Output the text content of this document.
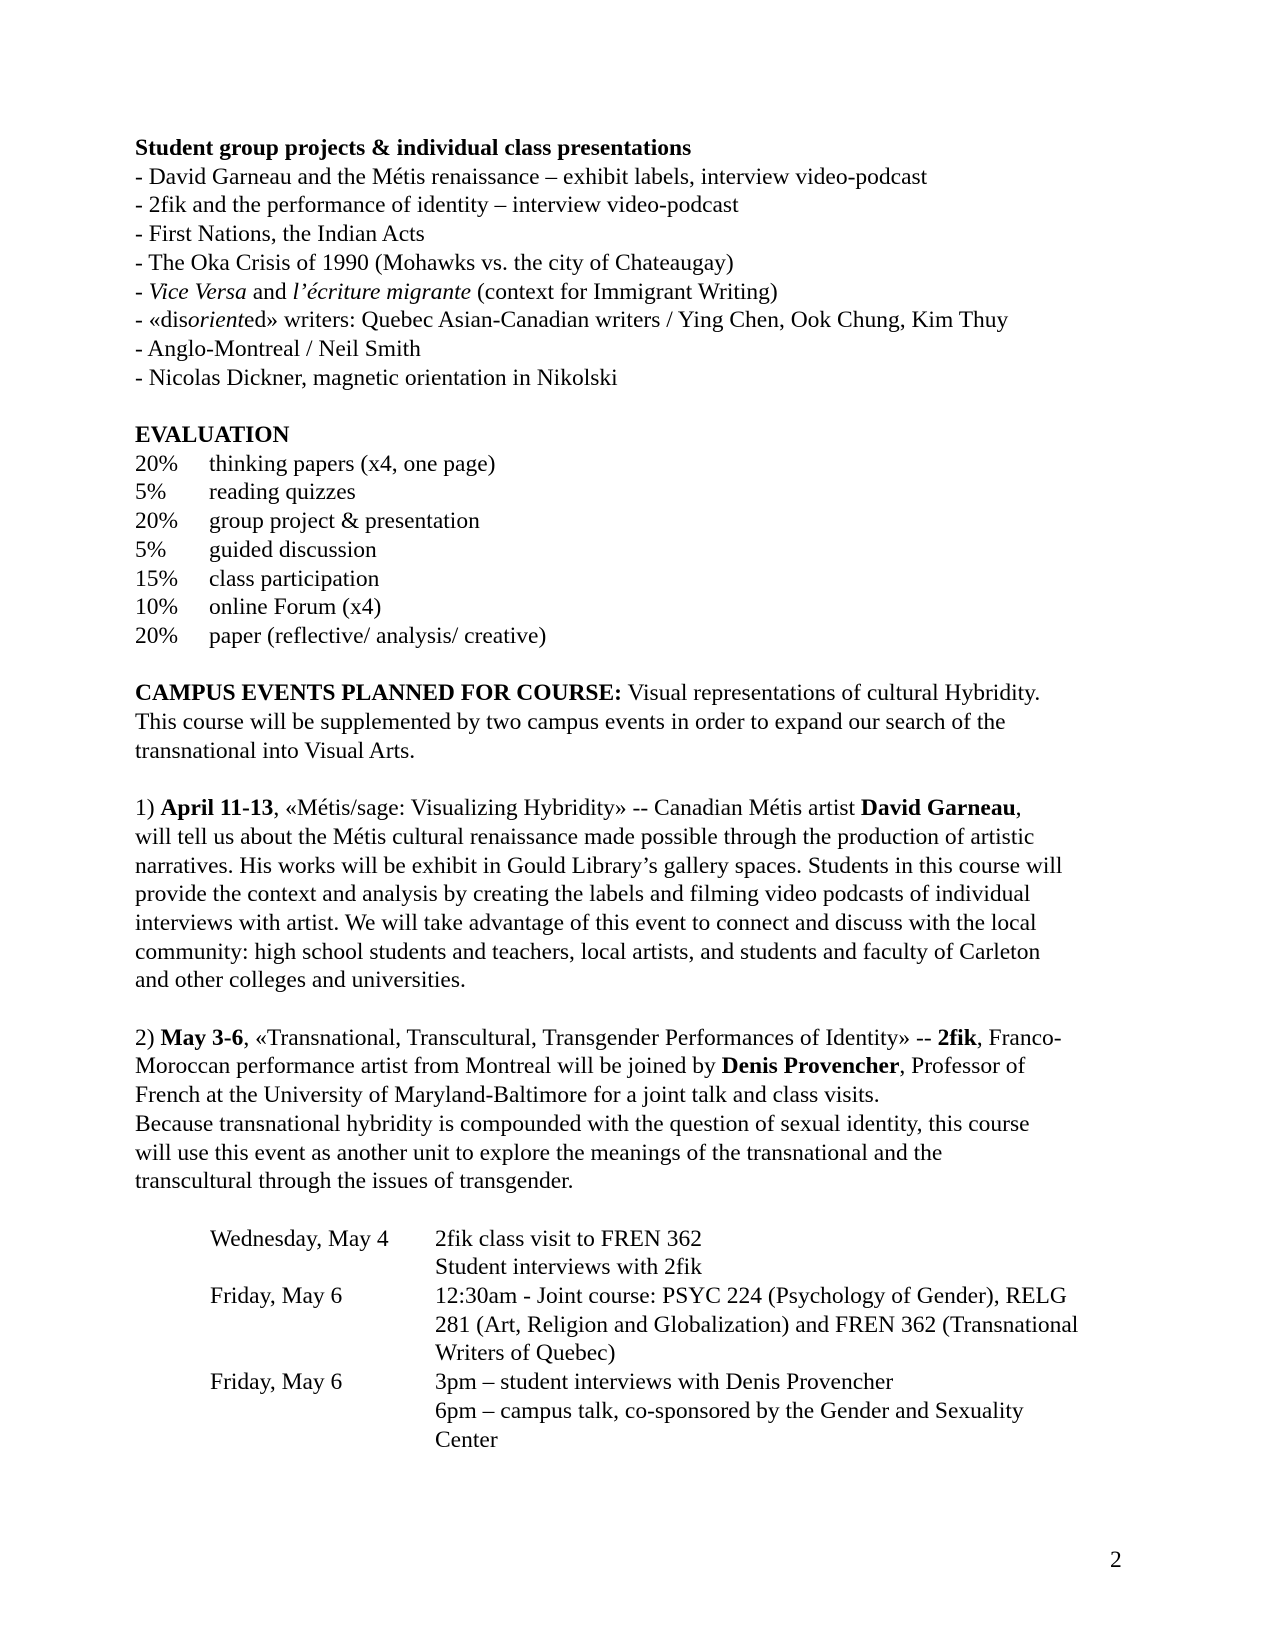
Student group projects & individual class presentations
- David Garneau and the Métis renaissance – exhibit labels, interview video-podcast
- 2fik and the performance of identity – interview video-podcast
- First Nations, the Indian Acts
- The Oka Crisis of 1990 (Mohawks vs. the city of Chateaugay)
- Vice Versa and l’écriture migrante (context for Immigrant Writing)
- «disoriented» writers: Quebec Asian-Canadian writers / Ying Chen, Ook Chung, Kim Thuy
- Anglo-Montreal / Neil Smith
- Nicolas Dickner, magnetic orientation in Nikolski
EVALUATION
20%	thinking papers (x4, one page)
5%	reading quizzes
20%	group project & presentation
5%	guided discussion
15%	class participation
10%	online Forum (x4)
20%	paper (reflective/ analysis/ creative)
CAMPUS EVENTS PLANNED FOR COURSE: Visual representations of cultural Hybridity.
This course will be supplemented by two campus events in order to expand our search of the
transnational into Visual Arts.
1) April 11-13, «Métis/sage: Visualizing Hybridity» -- Canadian Métis artist David Garneau,
will tell us about the Métis cultural renaissance made possible through the production of artistic
narratives. His works will be exhibit in Gould Library’s gallery spaces. Students in this course will
provide the context and analysis by creating the labels and filming video podcasts of individual
interviews with artist. We will take advantage of this event to connect and discuss with the local
community: high school students and teachers, local artists, and students and faculty of Carleton
and other colleges and universities.
2) May 3-6, «Transnational, Transcultural, Transgender Performances of Identity» -- 2fik, Franco-
Moroccan performance artist from Montreal will be joined by Denis Provencher, Professor of
French at the University of Maryland-Baltimore for a joint talk and class visits.
Because transnational hybridity is compounded with the question of sexual identity, this course
will use this event as another unit to explore the meanings of the transnational and the
transcultural through the issues of transgender.
Wednesday, May 4	2fik class visit to FREN 362
Student interviews with 2fik
Friday, May 6	12:30am - Joint course: PSYC 224 (Psychology of Gender), RELG
281 (Art, Religion and Globalization) and FREN 362 (Transnational
Writers of Quebec)
Friday, May 6	3pm – student interviews with Denis Provencher
6pm – campus talk, co-sponsored by the Gender and Sexuality
Center
2
